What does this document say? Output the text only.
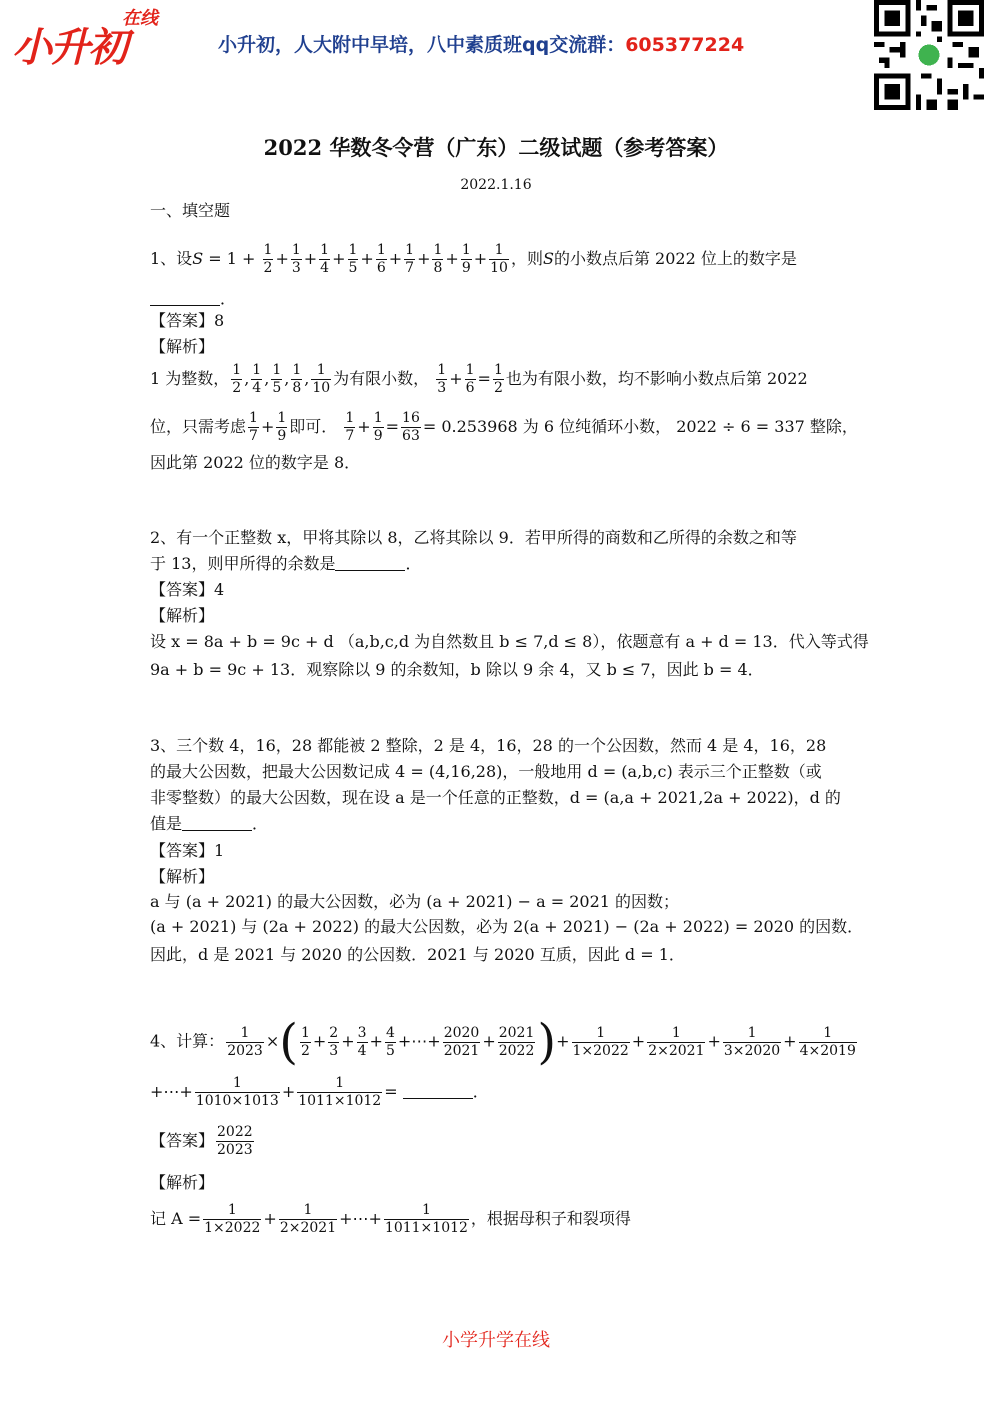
小升初
在线
小升初，人大附中早培，八中素质班qq交流群：605377224
2022 华数冬令营（广东）二级试题（参考答案）
2022.1.16
一、填空题
1、设$S = 1 + \frac{1}{2} + \frac{1}{3} + \frac{1}{4} + \frac{1}{5} + \frac{1}{6} + \frac{1}{7} + \frac{1}{8} + \frac{1}{9} + \frac{1}{10}$ ，则S的小数点后第 2022 位上的数字是
．
【答案】8
【解析】
1 为整数， $\frac{1}{2}$ , $\frac{1}{4}$ , $\frac{1}{5}$ , $\frac{1}{8}$ , $\frac{1}{10}$ 为有限小数， $\frac{1}{3} + \frac{1}{6} = \frac{1}{2}$ 也为有限小数，均不影响小数点后第 2022
位，只需考虑 $\frac{1}{7} + \frac{1}{9}$ 即可． $\frac{1}{7} + \frac{1}{9} = \frac{16}{63} = 0.253968$ 为 6 位纯循环小数， 2022 ÷ 6 = 337 整除，
因此第 2022 位的数字是 8．
2、有一个正整数 x，甲将其除以 8，乙将其除以 9．若甲所得的商数和乙所得的余数之和等
于 13，则甲所得的余数是	．
【答案】4
【解析】
设 x = 8a + b = 9c + d （a,b,c,d 为自然数且 b ≤ 7,d ≤ 8），依题意有 a + d = 13．代入等式得
9a + b = 9c + 13．观察除以 9 的余数知，b 除以 9 余 4，又 b ≤ 7，因此 b = 4．
3、三个数 4，16，28 都能被 2 整除，2 是 4，16，28 的一个公因数，然而 4 是 4，16，28
的最大公因数，把最大公因数记成 4 = (4,16,28)，一般地用 d = (a,b,c) 表示三个正整数（或
非零整数）的最大公因数，现在设 a 是一个任意的正整数，d = (a,a + 2021,2a + 2022)，d 的
值是	．
【答案】1
【解析】
a 与 (a + 2021) 的最大公因数，必为 (a + 2021) − a = 2021 的因数；
(a + 2021) 与 (2a + 2022) 的最大公因数，必为 2(a + 2021) − (2a + 2022) = 2020 的因数．
因此，d 是 2021 与 2020 的公因数．2021 与 2020 互质，因此 d = 1．
4、计算： $\frac{1}{2023}$ ×( $\frac{1}{2} + \frac{2}{3} + \frac{3}{4} + \frac{4}{5}$ +⋯+ $\frac{2020}{2021} + \frac{2021}{2022}$ )+ $\frac{1}{1\times 2022} + \frac{1}{2\times 2021} + \frac{1}{3\times 2020} + \frac{1}{4\times 2019}$
+⋯+ $\frac{1}{1010\times 1013} + \frac{1}{1011\times 1012}$ =	．
【答案】 $\frac{2022}{2023}$
【解析】
记 $A = \frac{1}{1\times 2022} + \frac{1}{2\times 2021}$ +⋯+ $\frac{1}{1011\times 1012}$ ，根据母积子和裂项得
小学升学在线
